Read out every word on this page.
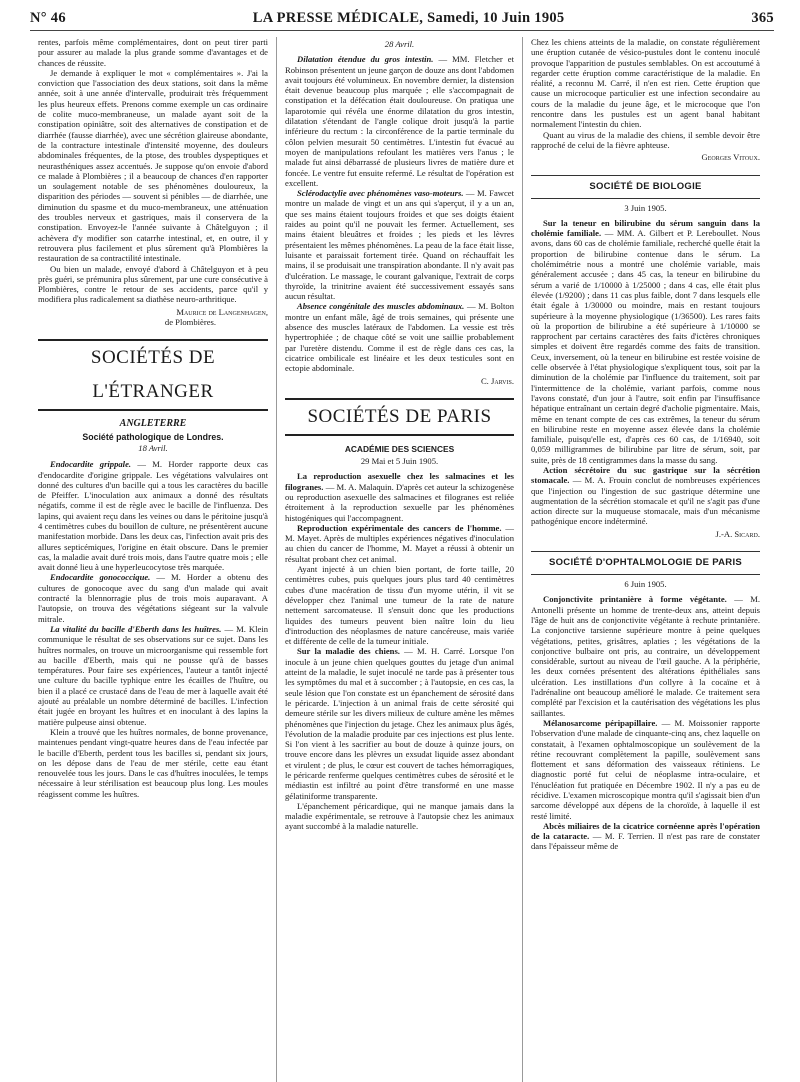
N° 46	LA PRESSE MÉDICALE, Samedi, 10 Juin 1905	365

rentes, parfois même complémentaires, dont on peut tirer parti pour assurer au malade la plus grande somme d'avantages et de chances de réussite.

Je demande à expliquer le mot « complémentaires ». J'ai la conviction que l'association des deux stations, soit dans la même année, soit à une année d'intervalle, produirait très fréquemment les plus heureux effets. Prenons comme exemple un cas ordinaire de colite muco-membraneuse, un malade ayant soit de la constipation opiniâtre, soit des alternatives de constipation et de diarrhée (fausse diarrhée), avec une sécrétion glaireuse abondante, de la contracture intestinale d'intensité moyenne, des douleurs abdominales fréquentes, de la ptose, des troubles dyspeptiques et neurasthéniques assez accentués. Je suppose qu'on envoie d'abord ce malade à Plombières ; il a beaucoup de chances d'en rapporter un soulagement notable de ses phénomènes douloureux, la disparition des périodes — souvent si pénibles — de diarrhée, une diminution du spasme et du muco-membraneux, une atténuation des troubles nerveux et gastriques, mais il conservera de la constipation. Envoyez-le l'année suivante à Châtelguyon ; il achèvera d'y modifier son catarrhe intestinal, et, en outre, il y retrouvera plus facilement et plus sûrement qu'à Plombières la restauration de sa contractilité intestinale.

Ou bien un malade, envoyé d'abord à Châtelguyon et à peu près guéri, se prémunira plus sûrement, par une cure consécutive à Plombières, contre le retour de ses accidents, parce qu'il y modifiera plus radicalement sa diathèse neuro-arthritique.

Maurice de Langenhagen,
de Plombières.
SOCIÉTÉS DE L'ÉTRANGER
ANGLETERRE
Société pathologique de Londres.
18 Avril.

Endocardite grippale. — M. Horder rapporte deux cas d'endocardite d'origine grippale. Les végétations valvulaires ont donné des cultures d'un bacille qui a tous les caractères du bacille de Pfeiffer. L'inoculation aux animaux a donné des résultats négatifs, comme il est de règle avec le bacille de l'influenza. Des lapins, qui avaient reçu dans les veines ou dans le péritoine jusqu'à 4 centimètres cubes du bouillon de culture, ne présentèrent aucune manifestation morbide. Dans les deux cas, l'infection avait pris des allures septicémiques, l'origine en était obscure. Dans le premier cas, la maladie avait duré trois mois, dans l'autre quatre mois ; elle avait donné lieu à une hyperleucocytose très marquée.

Endocardite gonococcique. — M. Horder a obtenu des cultures de gonocoque avec du sang d'un malade qui avait contracté la blennorragie plus de trois mois auparavant. A l'autopsie, on trouva des végétations siégeant sur la valvule mitrale.

La vitalité du bacille d'Eberth dans les huîtres. — M. Klein communique le résultat de ses observations sur ce sujet. Dans les huîtres normales, on trouve un microorganisme qui ressemble fort au bacille d'Eberth, mais qui ne pousse qu'à de basses températures. Pour faire ses expériences, l'auteur a tantôt injecté une culture du bacille typhique entre les écailles de l'huître, ou bien il a placé ce crustacé dans de l'eau de mer à laquelle avait été ajouté au préalable un nombre déterminé de bacilles. L'infection était jugée en broyant les huîtres et en inoculant à des lapins la matière pulpeuse ainsi obtenue.

Klein a trouvé que les huîtres normales, de bonne provenance, maintenues pendant vingt-quatre heures dans de l'eau infectée par le bacille d'Eberth, perdent tous les bacilles si, pendant six jours, on les dépose dans de l'eau de mer stérile, cette eau étant renouvelée tous les jours. Dans le cas d'huîtres inoculées, le temps nécessaire à leur stérilisation est beaucoup plus long. Les moules réagissent comme les huîtres.

28 Avril.

Dilatation étendue du gros intestin. — MM. Fletcher et Robinson présentent un jeune garçon de douze ans dont l'abdomen avait toujours été volumineux. En novembre dernier, la distension était devenue beaucoup plus marquée ; elle s'accompagnait de constipation et la défécation était douloureuse. On pratiqua une laparotomie qui révéla une énorme dilatation du gros intestin, dilatation s'étendant de l'angle colique droit jusqu'à la partie inférieure du rectum : la circonférence de la partie terminale du côlon pelvien mesurait 50 centimètres. L'intestin fut évacué au moyen de manipulations refoulant les matières vers l'anus ; le malade fut ainsi débarrassé de plusieurs livres de matière dure et foncée. Le ventre fut ensuite refermé. Le résultat de l'opération est excellent.

Sclérodactylie avec phénomènes vaso-moteurs. — M. Fawcet montre un malade de vingt et un ans qui s'aperçut, il y a un an, que ses mains étaient toujours froides et que ses doigts étaient raides au point qu'il ne pouvait les fermer. Actuellement, ses mains étaient bleuâtres et froides ; les pieds et les lèvres présentaient les mêmes phénomènes. La peau de la face était lisse, luisante et paraissait fortement tirée. Quand on réchauffait les mains, il se produisait une transpiration abondante. Il n'y avait pas d'ulcération. Le massage, le courant galvanique, l'extrait de corps thyroïde, la trinitrine avaient été successivement essayés sans aucun résultat.

Absence congénitale des muscles abdominaux. — M. Bolton montre un enfant mâle, âgé de trois semaines, qui présente une absence des muscles latéraux de l'abdomen. La vessie est très hypertrophiée ; de chaque côté se voit une saillie probablement par l'uretère distendu. Comme il est de règle dans ces cas, la cicatrice ombilicale est linéaire et les deux testicules sont en ectopie abdominale.

C. Jarvis.
SOCIÉTÉS DE PARIS
ACADÉMIE DES SCIENCES
29 Mai et 5 Juin 1905.

La reproduction asexuelle chez les salmacines et les filogranes. — M. A. Malaquin. D'après cet auteur la schizogenèse ou reproduction asexuelle des salmacines et filogranes est reliée étroitement à la reproduction sexuelle par les phénomènes histogéniques qui l'accompagnent.

Reproduction expérimentale des cancers de l'homme. — M. Mayet. Après de multiples expériences négatives d'inoculation au chien du cancer de l'homme, M. Mayet a réussi à obtenir un résultat probant chez cet animal.

Ayant injecté à un chien bien portant, de forte taille, 20 centimètres cubes, puis quelques jours plus tard 40 centimètres cubes d'une macération de tissu d'un myome utérin, il vit se développer chez l'animal une tumeur de la rate de nature nettement sarcomateuse. Il s'ensuit donc que les productions liquides des tumeurs peuvent bien naître loin du lieu d'introduction des néoplasmes de nature cancéreuse, mais variée et différente de celle de la tumeur initiale.

Sur la maladie des chiens. — M. H. Carré. Lorsque l'on inocule à un jeune chien quelques gouttes du jetage d'un animal atteint de la maladie, le sujet inoculé ne tarde pas à présenter tous les symptômes du mal et à succomber ; à l'autopsie, en ces cas, la seule lésion que l'on constate est un épanchement de sérosité dans le péricarde. L'injection à un animal frais de cette sérosité qui demeure stérile sur les divers milieux de culture amène les mêmes phénomènes que l'injection du jetage. Chez les animaux plus âgés, l'évolution de la maladie produite par ces injections est plus lente. Si l'on vient à les sacrifier au bout de douze à quinze jours, on trouve encore dans les plèvres un exsudat liquide assez abondant et virulent ; de plus, le cœur est couvert de taches hémorragiques, le péricarde renferme quelques centimètres cubes de sérosité et le médiastin est infiltré au point d'être transformé en une masse gélatiniforme transparente.

L'épanchement péricardique, qui ne manque jamais dans la maladie expérimentale, se retrouve à l'autopsie chez les animaux ayant succombé à la maladie naturelle.

Chez les chiens atteints de la maladie, on constate régulièrement une éruption cutanée de vésico-pustules dont le contenu inoculé provoque l'apparition de pustules semblables. On est accoutumé à regarder cette éruption comme caractéristique de la maladie. En réalité, a reconnu M. Carré, il n'en est rien. Cette éruption que cause un microcoque particulier est une infection secondaire au cours de la maladie du jeune âge, et le microcoque que l'on rencontre dans les pustules est un agent banal habitant normalement l'intestin du chien.

Quant au virus de la maladie des chiens, il semble devoir être rapproché de celui de la fièvre aphteuse.

Georges Vitoux.
SOCIÉTÉ DE BIOLOGIE
3 Juin 1905.

Sur la teneur en bilirubine du sérum sanguin dans la cholémie familiale. — MM. A. Gilbert et P. Lereboullet. Nous avons, dans 60 cas de cholémie familiale, recherché quelle était la proportion de bilirubine contenue dans le sérum. La cholémimétrie nous a montré une cholémie variable, mais généralement accusée ; dans 45 cas, la teneur en bilirubine du sérum a varié de 1/10000 à 1/25000 ; dans 4 cas, elle était plus élevée (1/9200) ; dans 11 cas plus faible, dont 7 dans lesquels elle était égale à 1/30000 ou moindre, mais en restant toujours supérieure à la moyenne physiologique (1/36500). Les rares faits où la proportion de bilirubine a été supérieure à 1/10000 se rapprochent par certains caractères des faits d'ictères chroniques simples et doivent être regardés comme des faits de transition. Ceux, inversement, où la teneur en bilirubine est restée voisine de celle observée à l'état physiologique s'expliquent tous, soit par la diminution de la cholémie par l'influence du traitement, soit par l'intermittence de la cholémie, variant parfois, comme nous l'avons constaté, d'un jour à l'autre, soit enfin par l'insuffisance hépatique entraînant un certain degré d'acholie pigmentaire. Mais, même en tenant compte de ces cas extrêmes, la teneur du sérum en bilirubine reste en moyenne assez élevée dans la cholémie familiale, puisqu'elle est, d'après ces 60 cas, de 1/16940, soit 0,059 milligrammes de bilirubine par litre de sérum, soit, par suite, près de 18 centigrammes dans la masse du sang.

Action sécrétoire du suc gastrique sur la sécrétion stomacale. — M. A. Frouin conclut de nombreuses expériences que l'injection ou l'ingestion de suc gastrique détermine une augmentation de la sécrétion stomacale et qu'il ne s'agit pas d'une action directe sur la muqueuse stomacale, mais d'un mécanisme pathogénique encore indéterminé.

J.-A. Sicard.
SOCIÉTÉ D'OPHTALMOLOGIE DE PARIS
6 Juin 1905.

Conjonctivite printanière à forme végétante. — M. Antonelli présente un homme de trente-deux ans, atteint depuis l'âge de huit ans de conjonctivite végétante à rechute printanière. La conjonctive tarsienne supérieure montre à peine quelques végétations, petites, grisâtres, aplaties ; les végétations de la conjonctive bulbaire ont pris, au contraire, un développement considérable, surtout au niveau de l'œil gauche. A la périphérie, les deux cornées présentent des altérations épithéliales sans ulcération. Les instillations d'un collyre à la cocaïne et à l'adrénaline ont beaucoup amélioré le malade. Ce traitement sera complété par l'excision et la cautérisation des végétations les plus saillantes.

Mélanosarcome péripapillaire. — M. Moissonier rapporte l'observation d'une malade de cinquante-cinq ans, chez laquelle on constatait, à l'examen ophtalmoscopique un soulèvement de la rétine recouvrant complètement la papille, soulèvement sans flottement et sans déformation des vaisseaux rétiniens. Le diagnostic porté fut celui de néoplasme intra-oculaire, et l'énucléation fut pratiquée en Décembre 1902. Il n'y a pas eu de récidive. L'examen microscopique montra qu'il s'agissait bien d'un sarcome développé aux dépens de la choroïde, à laquelle il est resté limité.

Abcès miliaires de la cicatrice cornéenne après l'opération de la cataracte. — M. F. Terrien. Il n'est pas rare de constater dans l'épaisseur même de
